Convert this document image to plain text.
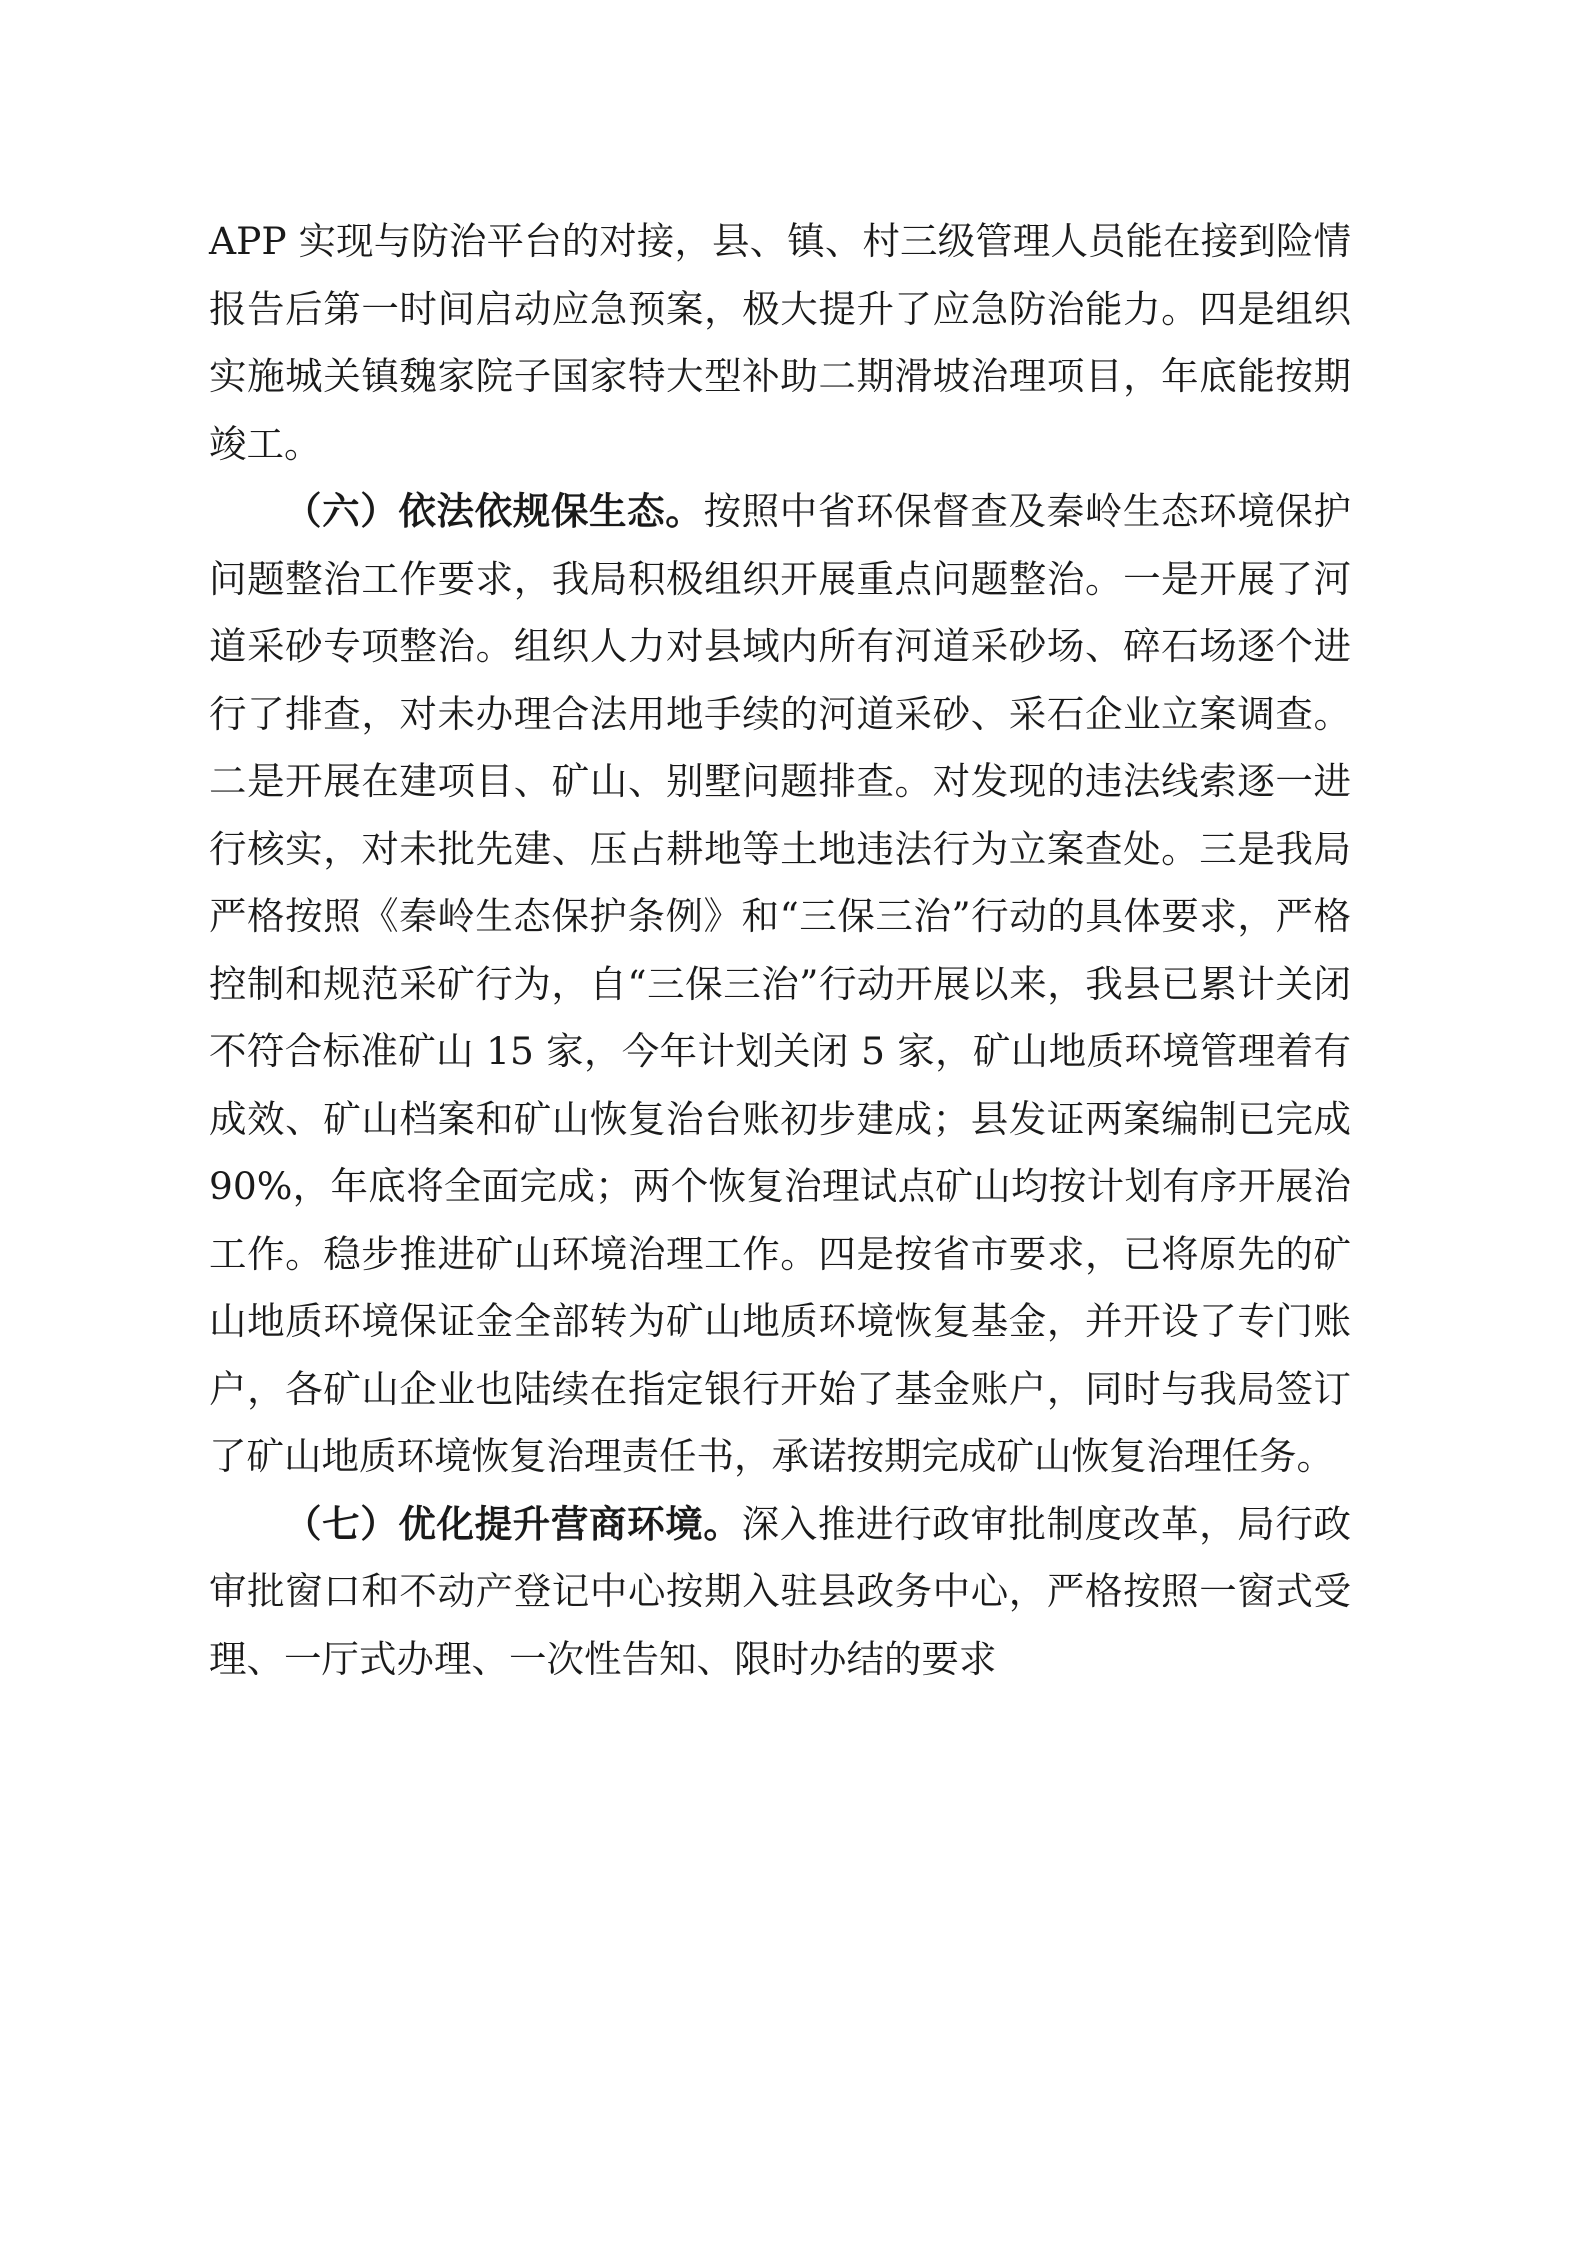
APP 实现与防治平台的对接，县、镇、村三级管理人员能在接到险情报告后第一时间启动应急预案，极大提升了应急防治能力。四是组织实施城关镇魏家院子国家特大型补助二期滑坡治理项目，年底能按期竣工。

（六）依法依规保生态。按照中省环保督查及秦岭生态环境保护问题整治工作要求，我局积极组织开展重点问题整治。一是开展了河道采砂专项整治。组织人力对县域内所有河道采砂场、碎石场逐个进行了排查，对未办理合法用地手续的河道采砂、采石企业立案调查。二是开展在建项目、矿山、别墅问题排查。对发现的违法线索逐一进行核实，对未批先建、压占耕地等土地违法行为立案查处。三是我局严格按照《秦岭生态保护条例》和“三保三治”行动的具体要求，严格控制和规范采矿行为，自“三保三治”行动开展以来，我县已累计关闭不符合标准矿山 15 家，今年计划关闭 5 家，矿山地质环境管理着有成效、矿山档案和矿山恢复治台账初步建成；县发证两案编制已完成 90%，年底将全面完成；两个恢复治理试点矿山均按计划有序开展治工作。稳步推进矿山环境治理工作。四是按省市要求，已将原先的矿山地质环境保证金全部转为矿山地质环境恢复基金，并开设了专门账户，各矿山企业也陆续在指定银行开始了基金账户，同时与我局签订了矿山地质环境恢复治理责任书，承诺按期完成矿山恢复治理任务。

（七）优化提升营商环境。深入推进行政审批制度改革，局行政审批窗口和不动产登记中心按期入驻县政务中心，严格按照一窗式受理、一厅式办理、一次性告知、限时办结的要求
